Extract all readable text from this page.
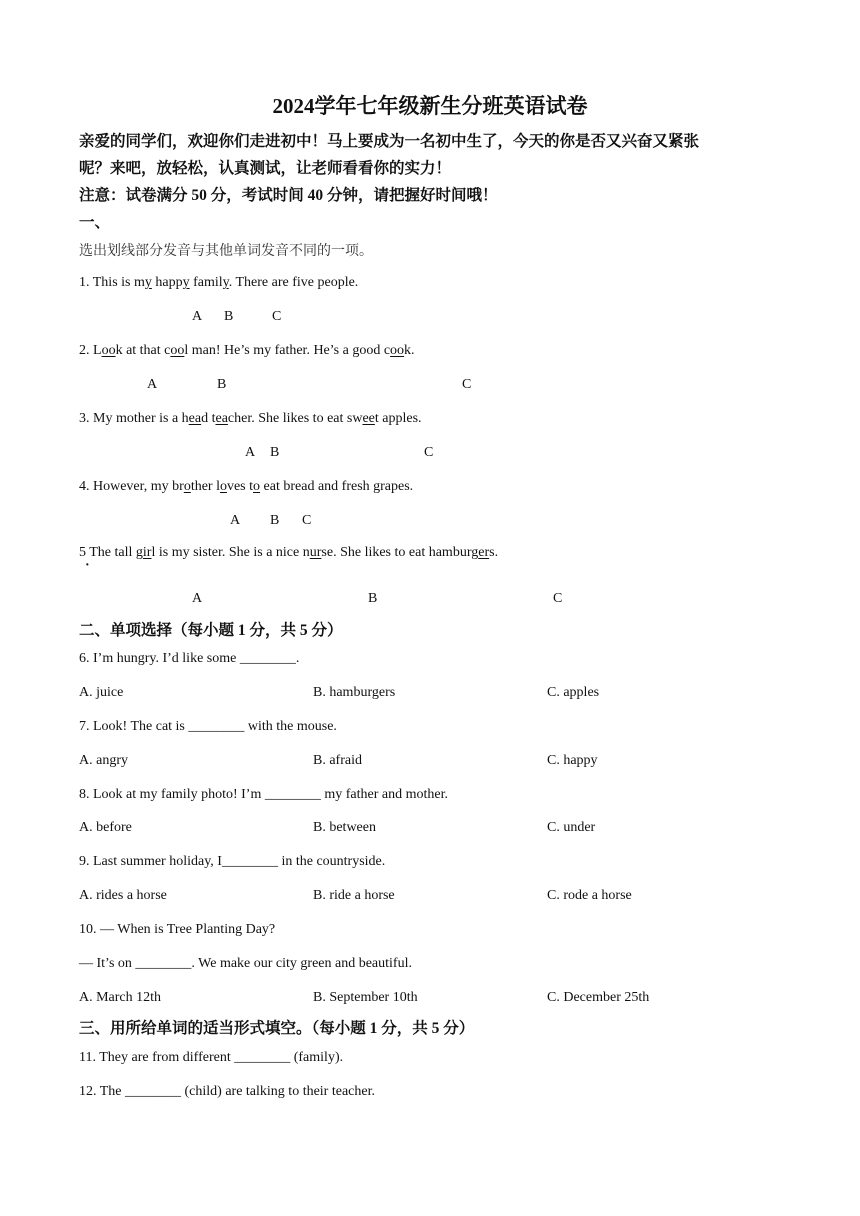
2024学年七年级新生分班英语试卷
亲爱的同学们，欢迎你们走进初中！马上要成为一名初中生了，今天的你是否又兴奋又紧张
呢？来吧，放轻松，认真测试，让老师看看你的实力！
注意：试卷满分 50 分，考试时间 40 分钟，请把握好时间哦！
一、
选出划线部分发音与其他单词发音不同的一项。
1. This is my happy family. There are five people.
A B	C
2. Look at that cool man! He’s my father. He’s a good cook.
A	B	C
3. My mother is a head teacher. She likes to eat sweet apples.
A B	C
4. However, my brother loves to eat bread and fresh grapes.
A B C
5 The tall girl is my sister. She is a nice nurse. She likes to eat hamburgers.
·
A	B	C
二、单项选择（每小题 1 分，共 5 分）
6. I’m hungry. I’d like some ________.
A. juice	B. hamburgers	C. apples
7. Look! The cat is ________ with the mouse.
A. angry	B. afraid	C. happy
8. Look at my family photo! I’m ________ my father and mother.
A. before	B. between	C. under
9. Last summer holiday, I________ in the countryside.
A. rides a horse	B. ride a horse	C. rode a horse
10. — When is Tree Planting Day?
— It’s on ________. We make our city green and beautiful.
A. March 12th	B. September 10th	C. December 25th
三、用所给单词的适当形式填空。（每小题 1 分，共 5 分）
11. They are from different ________ (family).
12. The ________ (child) are talking to their teacher.
